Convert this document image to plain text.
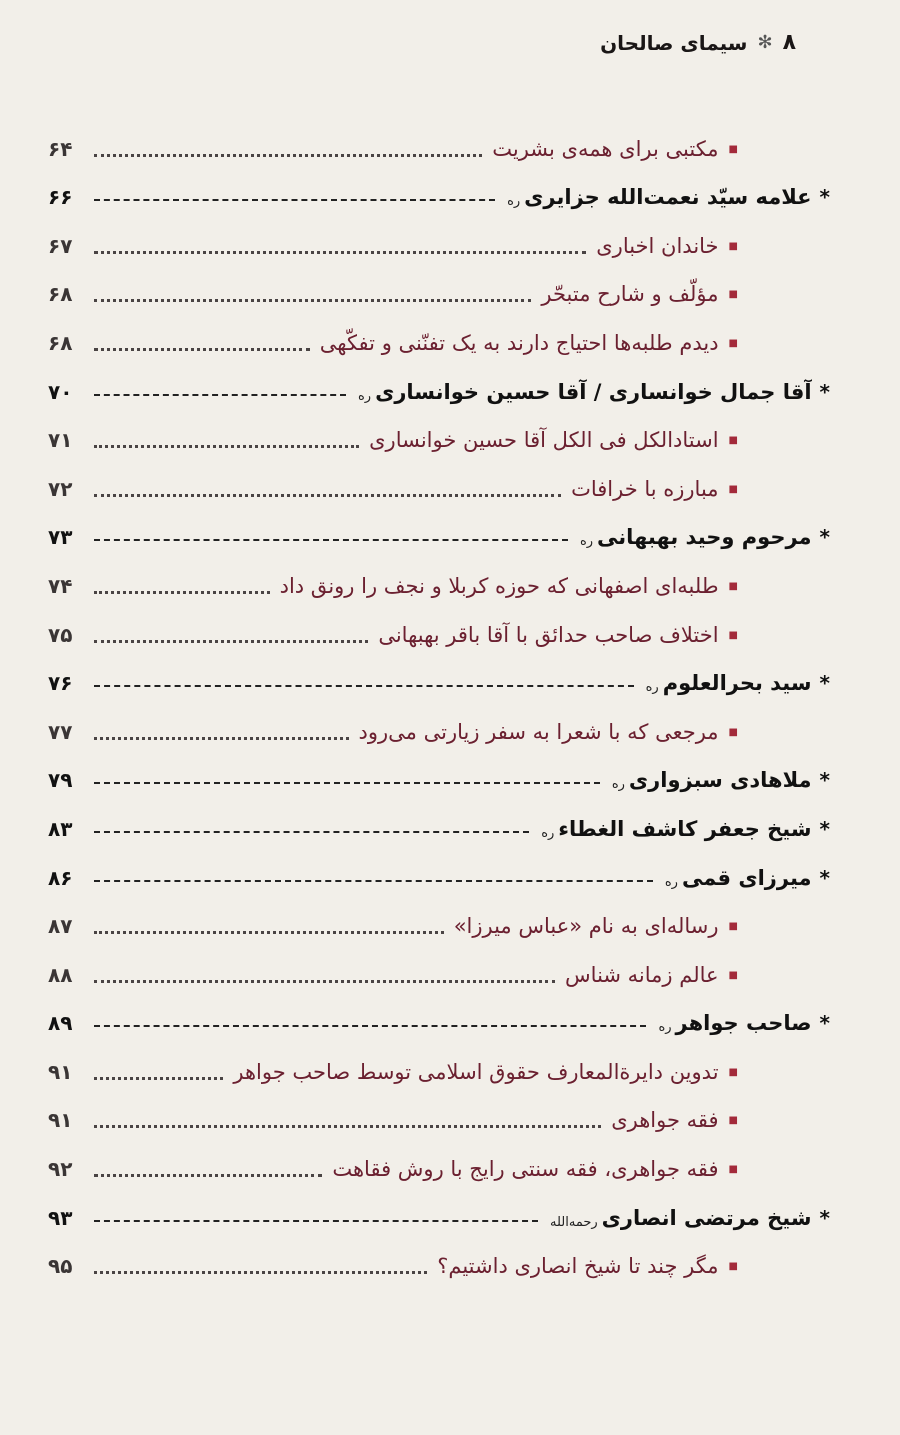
۸
✻
سیمای صالحان
■
مکتبی برای همه‌ی بشریت
۶۴
*
علامه سیّد نعمت‌الله جزایری
ره
۶۶
■
خاندان اخباری
۶۷
■
مؤلّف و شارح متبحّر
۶۸
■
دیدم طلبه‌ها احتیاج دارند به یک تفنّنی و تفکّهی
۶۸
*
آقا جمال خوانساری / آقا حسین خوانساری
ره
۷۰
■
استادالکل فی الکل آقا حسین خوانساری
۷۱
■
مبارزه با خرافات
۷۲
*
مرحوم وحید بهبهانی
ره
۷۳
■
طلبه‌ای اصفهانی که حوزه کربلا و نجف را رونق داد
۷۴
■
اختلاف صاحب حدائق با آقا باقر بهبهانی
۷۵
*
سید بحرالعلوم
ره
۷۶
■
مرجعی که با شعرا به سفر زیارتی می‌رود
۷۷
*
ملاهادی سبزواری
ره
۷۹
*
شیخ جعفر کاشف الغطاء
ره
۸۳
*
میرزای قمی
ره
۸۶
■
رساله‌ای به نام «عباس میرزا»
۸۷
■
عالم زمانه شناس
۸۸
*
صاحب جواهر
ره
۸۹
■
تدوین دایرةالمعارف حقوق اسلامی توسط صاحب جواهر
۹۱
■
فقه جواهری
۹۱
■
فقه جواهری، فقه سنتی رایج با روش فقاهت
۹۲
*
شیخ مرتضی انصاری
رحمه‌الله
۹۳
■
مگر چند تا شیخ انصاری داشتیم؟
۹۵
